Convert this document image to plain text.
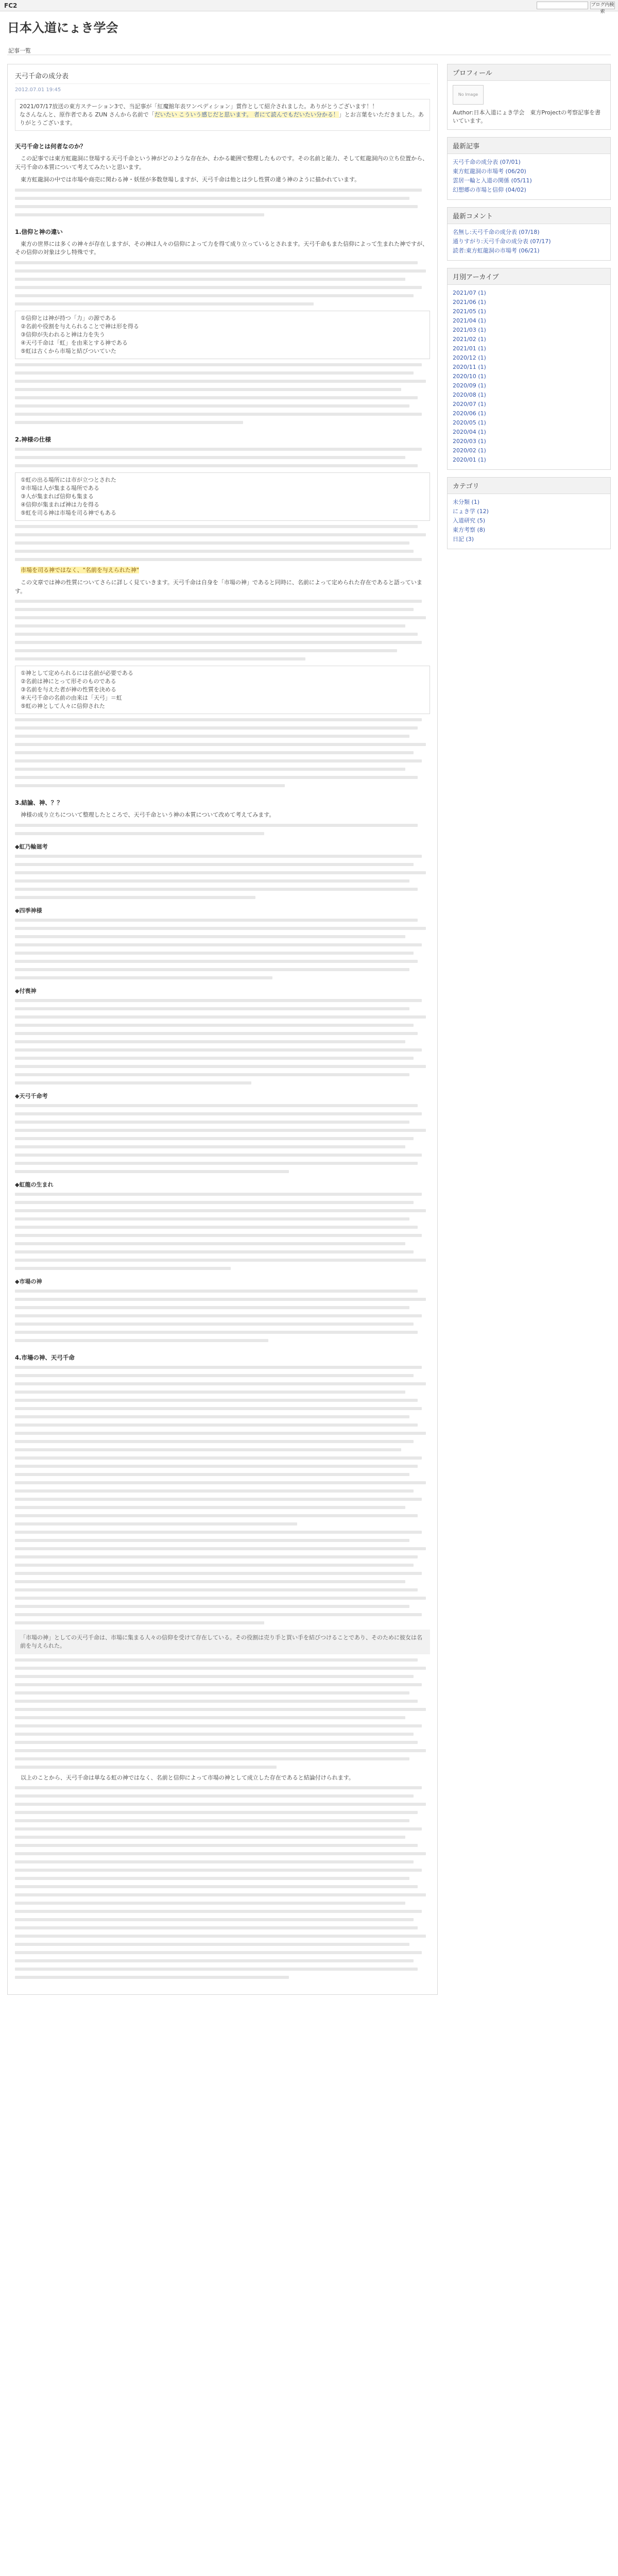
FC2	ブログ内検索
日本入道にょき学会
記事一覧
天弓千命の成分表
2012.07.01 19:45
2021/07/17放送の東方ステーション3で、当記事が「紅魔館年表ワンペディション」賞作として紹介されました。ありがとうございます！！
なさんなんと、原作者である ZUN さんから名前で「だいたい こういう感じだと思います。 者にて読んでもだいたい分かる！」とお言葉をいただきました。ありがとうございます。
天弓千命とは何者なのか？
この記事では東方虹龍洞に登場する天弓千命という神がどのような存在か、わかる範囲で整理したものです。その名前と能力、そして虹龍洞内の立ち位置から、天弓千命の本質について考えてみたいと思います。
東方虹龍洞の中では市場や商売に関わる神・妖怪が多数登場しますが、天弓千命は他とは少し性質の違う神のように描かれています。
1.信仰と神の違い
東方の世界には多くの神々が存在しますが、その神は人々の信仰によって力を得て成り立っているとされます。天弓千命もまた信仰によって生まれた神ですが、その信仰の対象は少し特殊です。
①信仰とは神が持つ「力」の源である
②名前や役割を与えられることで神は形を得る
③信仰が失われると神は力を失う
④天弓千命は「虹」を由来とする神である
⑤虹は古くから市場と結びついていた
2.神様の仕様
①虹の出る場所には市が立つとされた
②市場は人が集まる場所である
③人が集まれば信仰も集まる
④信仰が集まれば神は力を得る
⑤虹を司る神は市場を司る神でもある
市場を司る神ではなく、"名前を与えられた神"
この文章では神の性質についてさらに詳しく見ていきます。天弓千命は自身を「市場の神」であると同時に、名前によって定められた存在であると語っています。
①神として定められるには名前が必要である
②名前は神にとって形そのものである
③名前を与えた者が神の性質を決める
④天弓千命の名前の由来は「天弓」＝虹
⑤虹の神として人々に信仰された
3.結論、神、？？
神様の成り立ちについて整理したところで、天弓千命という神の本質について改めて考えてみます。
◆虹乃輪廻考
◆四季神様
◆付喪神
◆天弓千命考
◆虹龍の生まれ
◆市場の神
4.市場の神、天弓千命
「市場の神」としての天弓千命は、市場に集まる人々の信仰を受けて存在している。その役割は売り手と買い手を結びつけることであり、そのために彼女は名前を与えられた。
以上のことから、天弓千命は単なる虹の神ではなく、名前と信仰によって市場の神として成立した存在であると結論付けられます。
プロフィール
No Image
Author:日本入道にょき学会　東方Projectの考察記事を書いています。
最新記事
天弓千命の成分表 (07/01)
東方虹龍洞の市場考 (06/20)
雲居一輪と入道の関係 (05/11)
幻想郷の市場と信仰 (04/02)
最新コメント
名無し:天弓千命の成分表 (07/18)
通りすがり:天弓千命の成分表 (07/17)
読者:東方虹龍洞の市場考 (06/21)
月別アーカイブ
2021/07 (1)
2021/06 (1)
2021/05 (1)
2021/04 (1)
2021/03 (1)
2021/02 (1)
2021/01 (1)
2020/12 (1)
2020/11 (1)
2020/10 (1)
2020/09 (1)
2020/08 (1)
2020/07 (1)
2020/06 (1)
2020/05 (1)
2020/04 (1)
2020/03 (1)
2020/02 (1)
2020/01 (1)
カテゴリ
未分類 (1)
にょき学 (12)
入道研究 (5)
東方考察 (8)
日記 (3)
